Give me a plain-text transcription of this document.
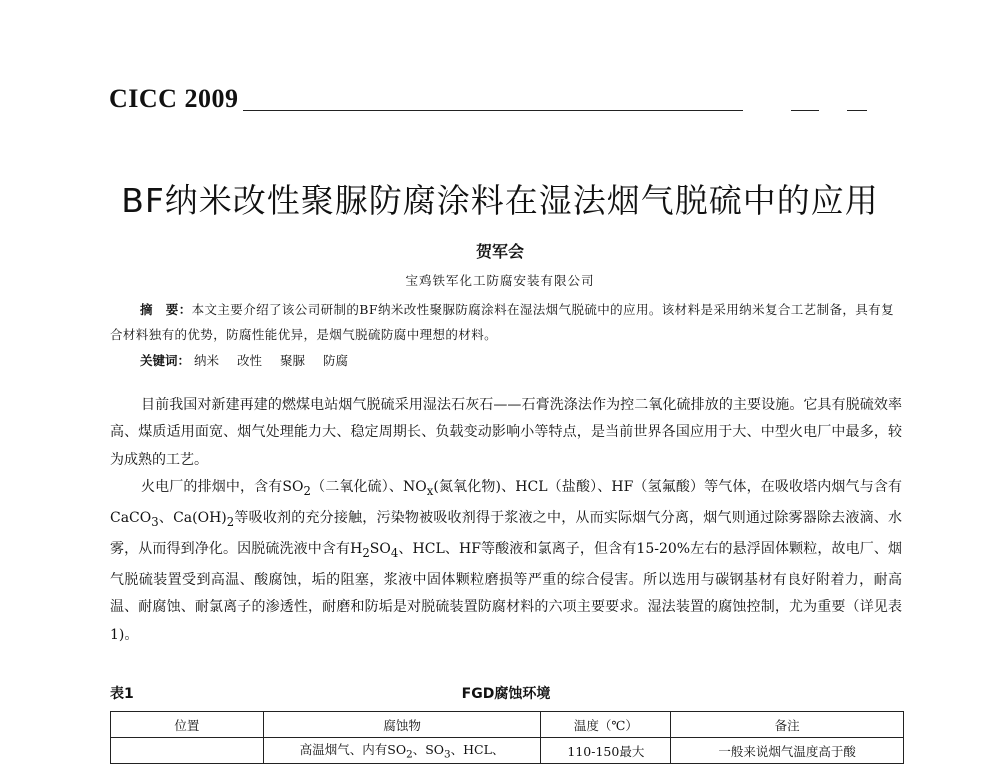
CICC 2009
BF纳米改性聚脲防腐涂料在湿法烟气脱硫中的应用
贺军会
宝鸡铁军化工防腐安装有限公司

摘　要：本文主要介绍了该公司研制的BF纳米改性聚脲防腐涂料在湿法烟气脱硫中的应用。该材料是采用纳米复合工艺制备，具有复合材料独有的优势，防腐性能优异，是烟气脱硫防腐中理想的材料。

关键词： 纳米 改性 聚脲 防腐

目前我国对新建再建的燃煤电站烟气脱硫采用湿法石灰石——石膏洗涤法作为控二氧化硫排放的主要设施。它具有脱硫效率高、煤质适用面宽、烟气处理能力大、稳定周期长、负载变动影响小等特点，是当前世界各国应用于大、中型火电厂中最多，较为成熟的工艺。

火电厂的排烟中，含有$SO_2$（二氧化硫）、$NO_x$(氮氧化物)、HCL（盐酸）、HF（氢氟酸）等气体，在吸收塔内烟气与含有CaCO$_3$、$Ca(OH)_2$等吸收剂的充分接触，污染物被吸收剂得于浆液之中，从而实际烟气分离，烟气则通过除雾器除去液滴、水雾，从而得到净化。因脱硫洗液中含有$H_2SO_4$、HCL、HF等酸液和氯离子，但含有15-20%左右的悬浮固体颗粒，故电厂、烟气脱硫装置受到高温、酸腐蚀，垢的阻塞，浆液中固体颗粒磨损等严重的综合侵害。所以选用与碳钢基材有良好附着力，耐高温、耐腐蚀、耐氯离子的渗透性，耐磨和防垢是对脱硫装置防腐材料的六项主要要求。湿法装置的腐蚀控制，尤为重要（详见表1)。

表1	FGD腐蚀环境
位置	腐蚀物	温度（℃）	备注
	高温烟气、内有$SO_2$、$SO_3$、HCL、	110-150最大	一般来说烟气温度高于酸
